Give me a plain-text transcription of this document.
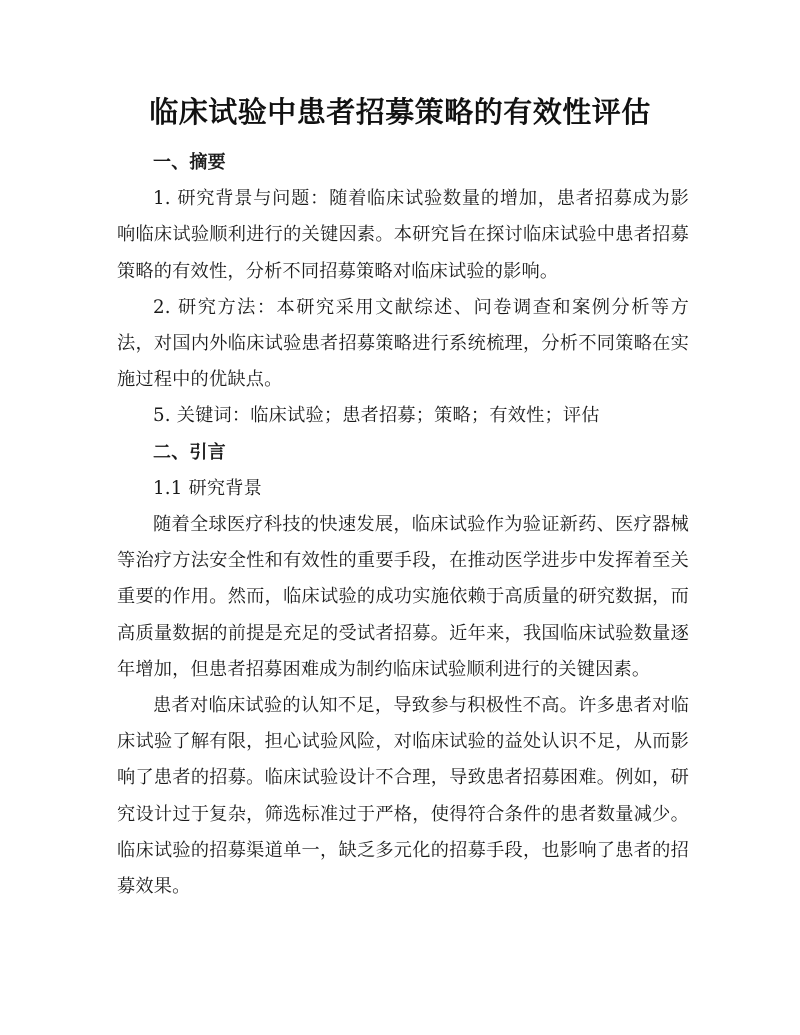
临床试验中患者招募策略的有效性评估
一、摘要

1. 研究背景与问题：随着临床试验数量的增加，患者招募成为影响临床试验顺利进行的关键因素。本研究旨在探讨临床试验中患者招募策略的有效性，分析不同招募策略对临床试验的影响。

2. 研究方法：本研究采用文献综述、问卷调查和案例分析等方法，对国内外临床试验患者招募策略进行系统梳理，分析不同策略在实施过程中的优缺点。

5. 关键词：临床试验；患者招募；策略；有效性；评估

二、引言
1.1 研究背景

随着全球医疗科技的快速发展，临床试验作为验证新药、医疗器械等治疗方法安全性和有效性的重要手段，在推动医学进步中发挥着至关重要的作用。然而，临床试验的成功实施依赖于高质量的研究数据，而高质量数据的前提是充足的受试者招募。近年来，我国临床试验数量逐年增加，但患者招募困难成为制约临床试验顺利进行的关键因素。

患者对临床试验的认知不足，导致参与积极性不高。许多患者对临床试验了解有限，担心试验风险，对临床试验的益处认识不足，从而影响了患者的招募。临床试验设计不合理，导致患者招募困难。例如，研究设计过于复杂，筛选标准过于严格，使得符合条件的患者数量减少。临床试验的招募渠道单一，缺乏多元化的招募手段，也影响了患者的招募效果。
